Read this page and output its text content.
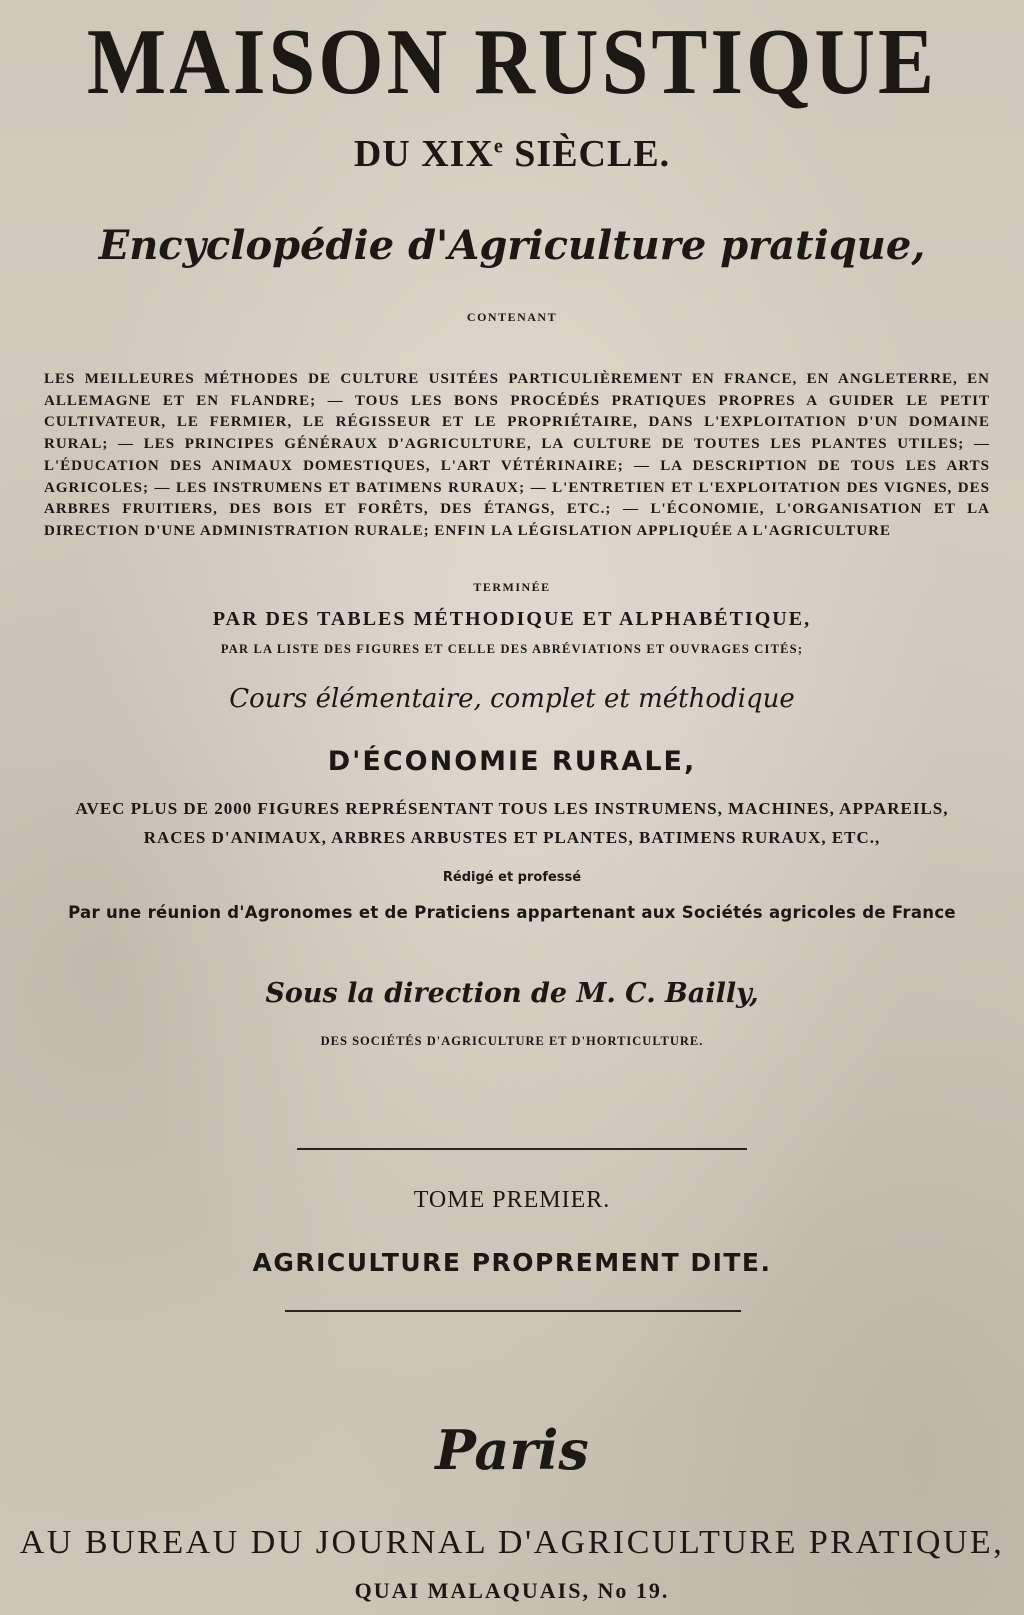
MAISON RUSTIQUE
DU XIXe SIÈCLE.
Encyclopédie d'Agriculture pratique,
CONTENANT

LES MEILLEURES MÉTHODES DE CULTURE USITÉES PARTICULIÈREMENT EN FRANCE, EN ANGLETERRE, EN ALLEMAGNE ET EN FLANDRE; — TOUS LES BONS PROCÉDÉS PRATIQUES PROPRES A GUIDER LE PETIT CULTIVATEUR, LE FERMIER, LE RÉGISSEUR ET LE PROPRIÉTAIRE, DANS L'EXPLOITATION D'UN DOMAINE RURAL; — LES PRINCIPES GÉNÉRAUX D'AGRICULTURE, LA CULTURE DE TOUTES LES PLANTES UTILES; — L'ÉDUCATION DES ANIMAUX DOMESTIQUES, L'ART VÉTÉRINAIRE; — LA DESCRIPTION DE TOUS LES ARTS AGRICOLES; — LES INSTRUMENS ET BATIMENS RURAUX; — L'ENTRETIEN ET L'EXPLOITATION DES VIGNES, DES ARBRES FRUITIERS, DES BOIS ET FORÊTS, DES ÉTANGS, ETC.; — L'ÉCONOMIE, L'ORGANISATION ET LA DIRECTION D'UNE ADMINISTRATION RURALE; ENFIN LA LÉGISLATION APPLIQUÉE A L'AGRICULTURE

TERMINÉE
PAR DES TABLES MÉTHODIQUE ET ALPHABÉTIQUE,
PAR LA LISTE DES FIGURES ET CELLE DES ABRÉVIATIONS ET OUVRAGES CITÉS;
Cours élémentaire, complet et méthodique
D'ÉCONOMIE RURALE,
AVEC PLUS DE 2000 FIGURES REPRÉSENTANT TOUS LES INSTRUMENS, MACHINES, APPAREILS,
RACES D'ANIMAUX, ARBRES ARBUSTES ET PLANTES, BATIMENS RURAUX, ETC.,
Rédigé et professé
Par une réunion d'Agronomes et de Praticiens appartenant aux Sociétés agricoles de France
Sous la direction de M. C. Bailly,
DES SOCIÉTÉS D'AGRICULTURE ET D'HORTICULTURE.
TOME PREMIER.
AGRICULTURE PROPREMENT DITE.
Paris
AU BUREAU DU JOURNAL D'AGRICULTURE PRATIQUE,
QUAI MALAQUAIS, No 19.
